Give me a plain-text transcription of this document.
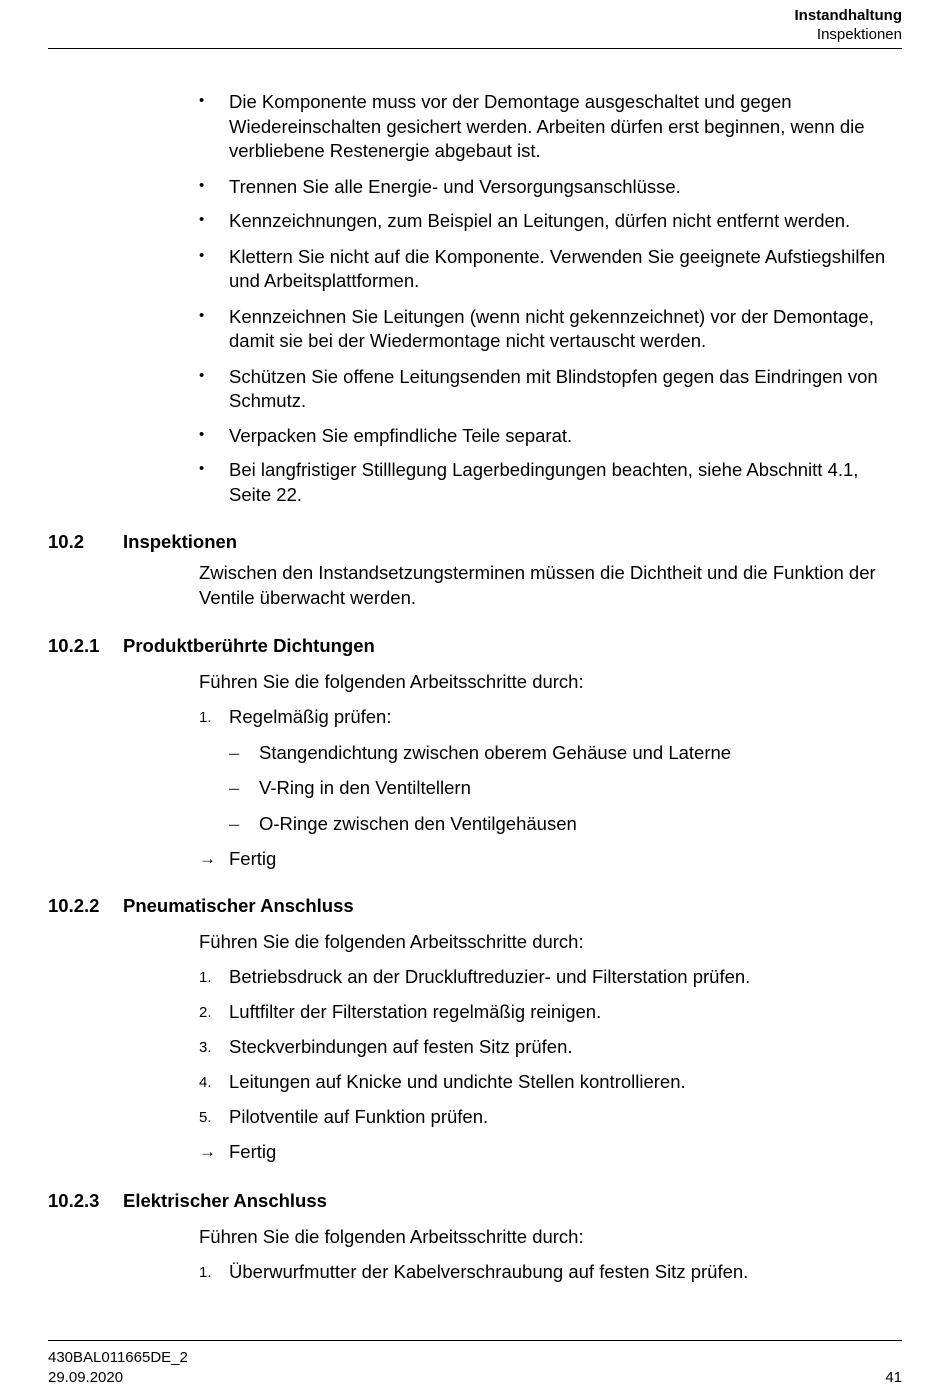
Instandhaltung
Inspektionen
•	Die Komponente muss vor der Demontage ausgeschaltet und gegen Wiedereinschalten gesichert werden. Arbeiten dürfen erst beginnen, wenn die verbliebene Restenergie abgebaut ist.
•	Trennen Sie alle Energie- und Versorgungsanschlüsse.
•	Kennzeichnungen, zum Beispiel an Leitungen, dürfen nicht entfernt werden.
•	Klettern Sie nicht auf die Komponente. Verwenden Sie geeignete Aufstiegshilfen und Arbeitsplattformen.
•	Kennzeichnen Sie Leitungen (wenn nicht gekennzeichnet) vor der Demontage, damit sie bei der Wiedermontage nicht vertauscht werden.
•	Schützen Sie offene Leitungsenden mit Blindstopfen gegen das Eindringen von Schmutz.
•	Verpacken Sie empfindliche Teile separat.
•	Bei langfristiger Stilllegung Lagerbedingungen beachten, siehe Abschnitt 4.1, Seite 22.
10.2 Inspektionen

Zwischen den Instandsetzungsterminen müssen die Dichtheit und die Funktion der Ventile überwacht werden.

10.2.1 Produktberührte Dichtungen

Führen Sie die folgenden Arbeitsschritte durch:

1. Regelmäßig prüfen:
– Stangendichtung zwischen oberem Gehäuse und Laterne
– V-Ring in den Ventiltellern
– O-Ringe zwischen den Ventilgehäusen
→ Fertig
10.2.2 Pneumatischer Anschluss

Führen Sie die folgenden Arbeitsschritte durch:

1. Betriebsdruck an der Druckluftreduzier- und Filterstation prüfen.
2. Luftfilter der Filterstation regelmäßig reinigen.
3. Steckverbindungen auf festen Sitz prüfen.
4. Leitungen auf Knicke und undichte Stellen kontrollieren.
5. Pilotventile auf Funktion prüfen.
→ Fertig
10.2.3 Elektrischer Anschluss

Führen Sie die folgenden Arbeitsschritte durch:

1. Überwurfmutter der Kabelverschraubung auf festen Sitz prüfen.
430BAL011665DE_2
29.09.2020	41
